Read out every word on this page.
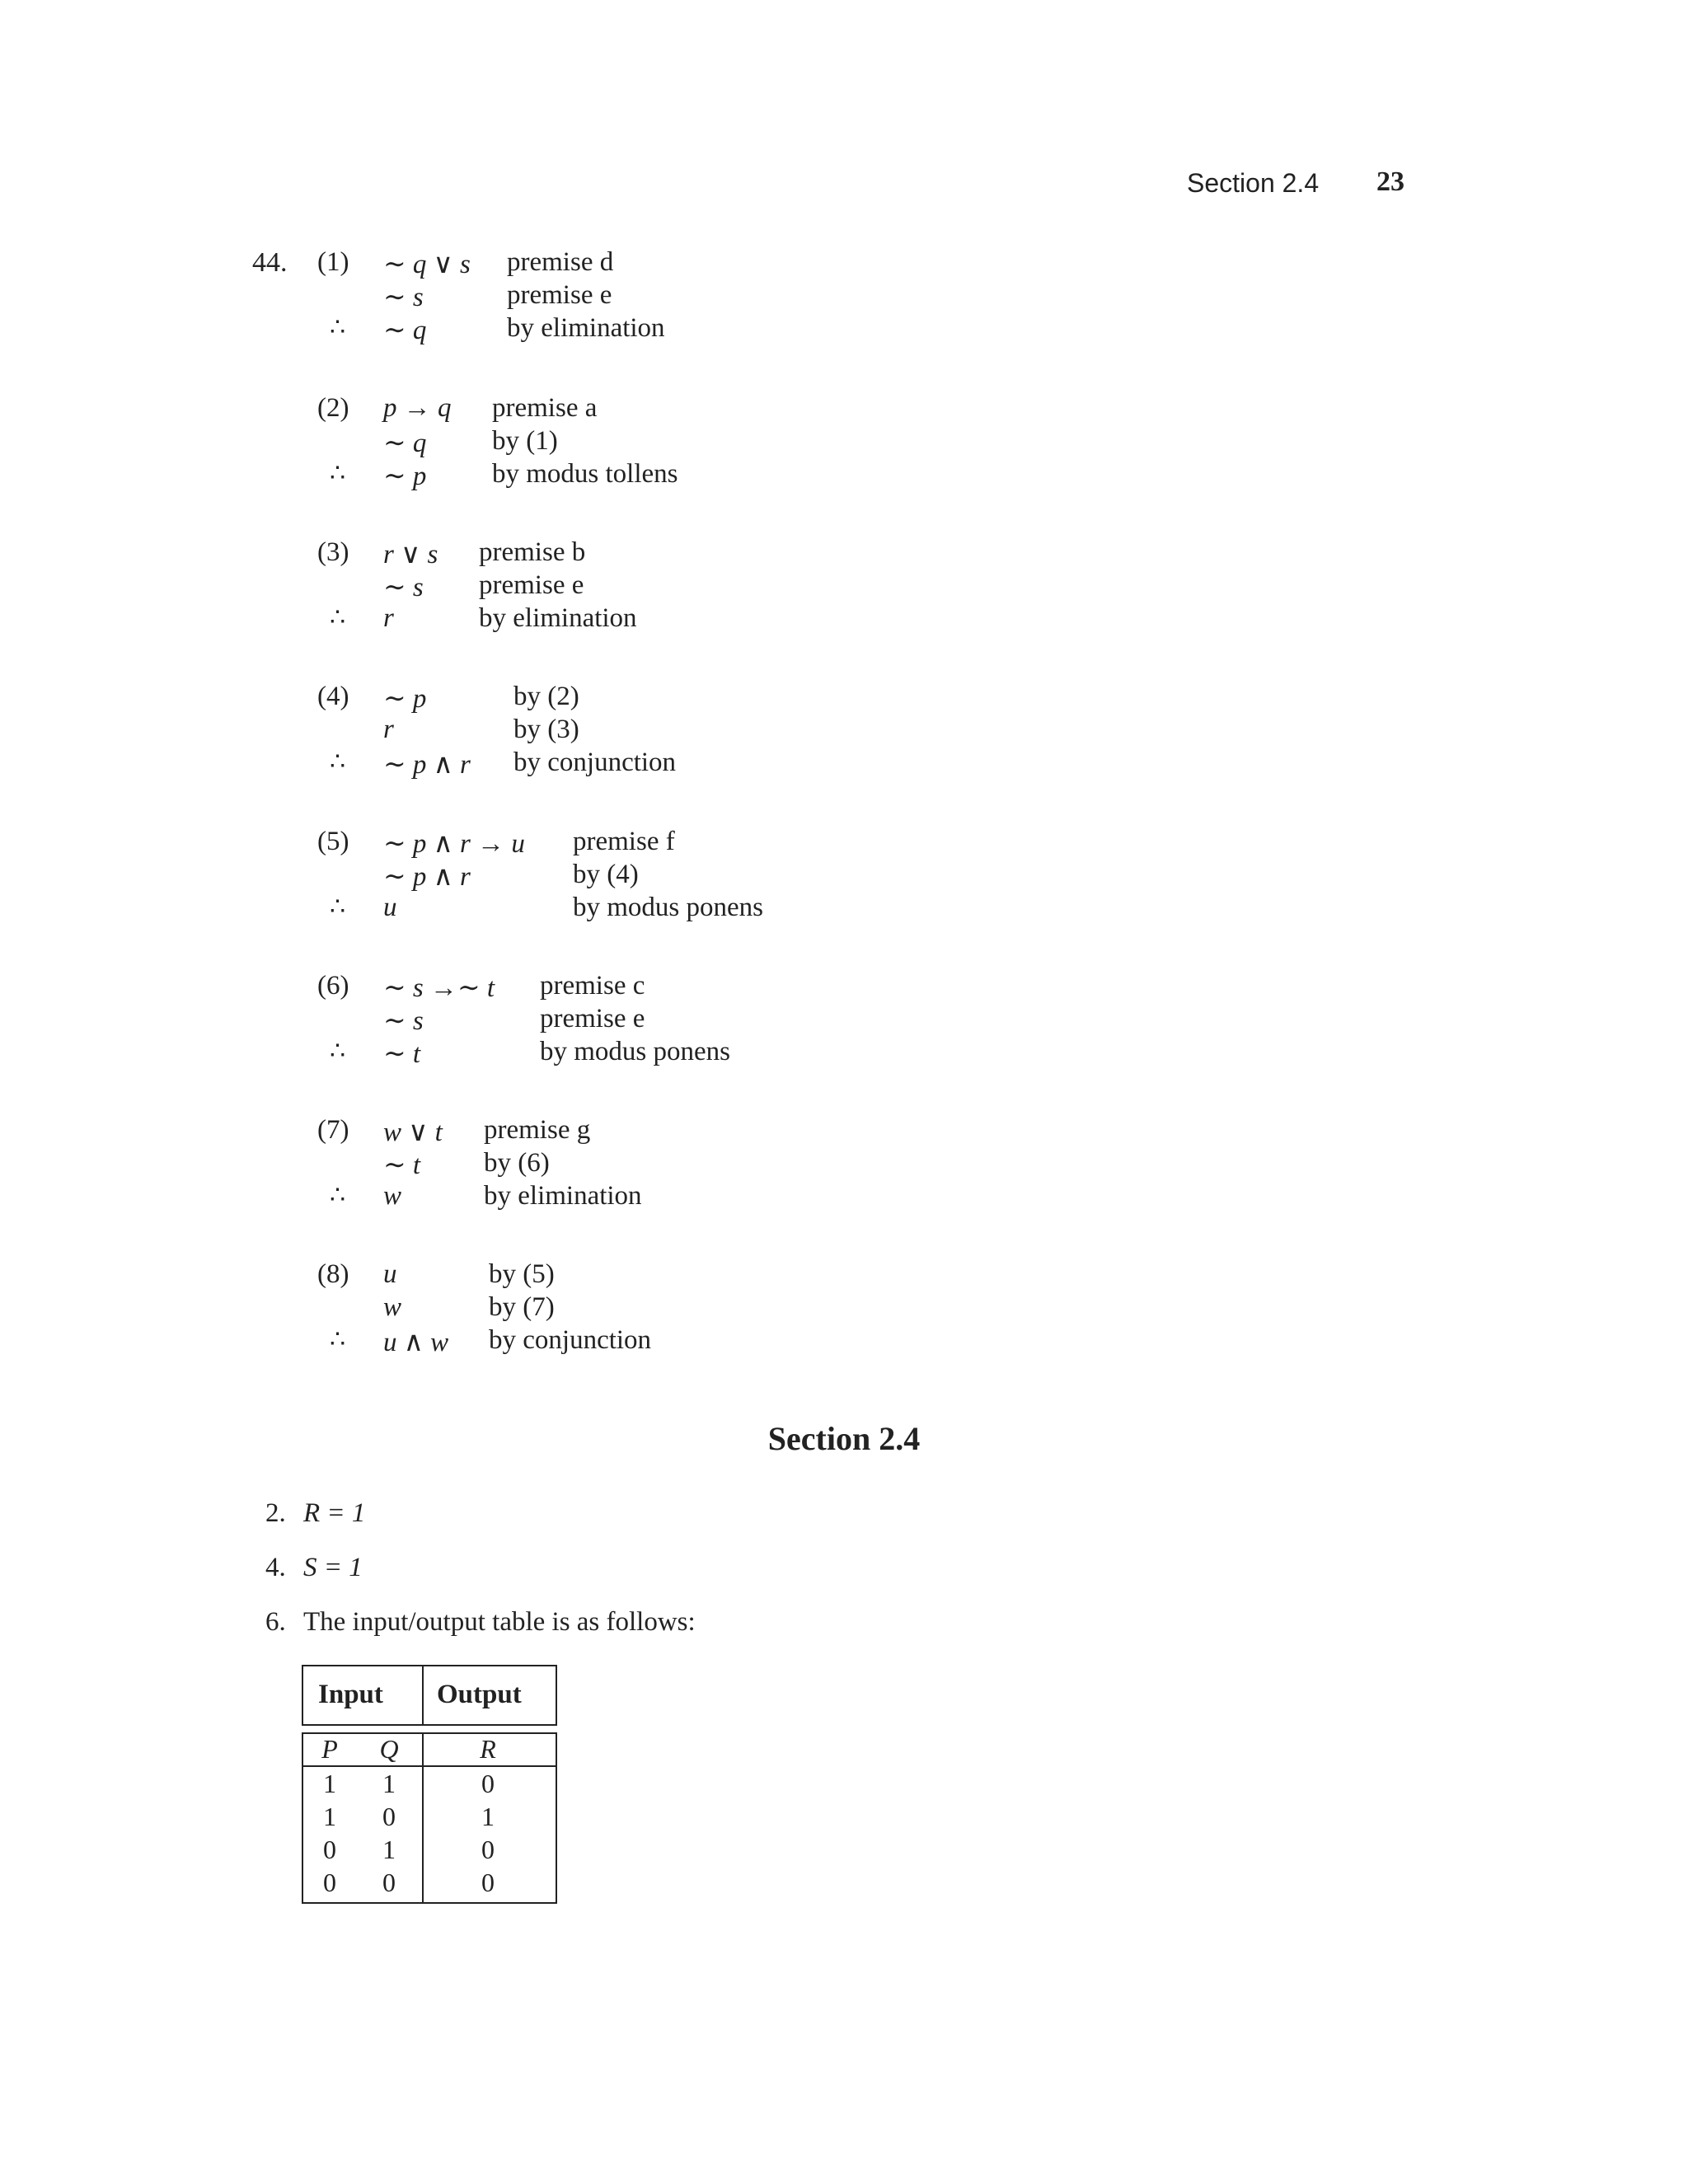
Section 2.4 23
44. (1)
∴
∼ q ∨ s premise d
∼ s	premise e
∼ q	by elimination
(2)
∴
p → q premise a
∼ q by (1)
∼ p by modus tollens
(3)
∴
r ∨ s premise b
∼ s premise e
r	by elimination
(4)
∴
∼ p	by (2)
r	by (3)
∼ p ∧ r by conjunction
(5)
∴
∼ p ∧ r → u premise f
∼ p ∧ r	by (4)
u	by modus ponens
(6)
∴
∼ s →∼ t premise c
∼ s	premise e
∼ t	by modus ponens
(7)
∴
w ∨ t premise g
∼ t by (6)
w	by elimination
(8)
∴
u	by (5)
w	by (7)
u ∧ w by conjunction
Section 2.4
2. R = 1
4. S = 1
6. The input/output table is as follows:
Input Output
P	Q	R
1	1	0
1	0	1
0	1	0
0	0	0
